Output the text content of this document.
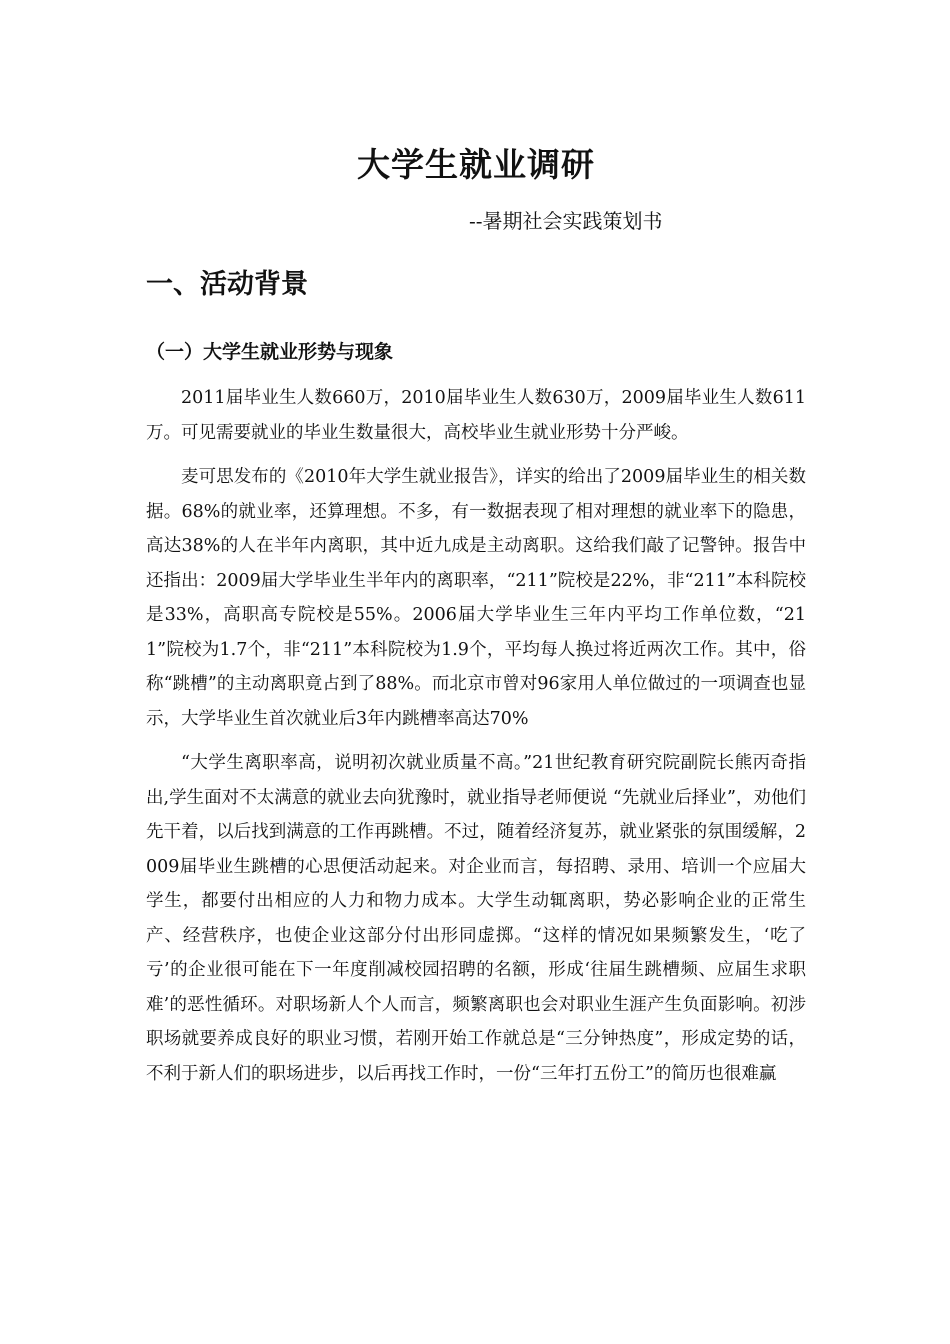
大学生就业调研
--暑期社会实践策划书
一、活动背景
（一）大学生就业形势与现象

2011届毕业生人数660万，2010届毕业生人数630万，2009届毕业生人数611万。可见需要就业的毕业生数量很大，高校毕业生就业形势十分严峻。

麦可思发布的《2010年大学生就业报告》，详实的给出了2009届毕业生的相关数据。68%的就业率，还算理想。不多，有一数据表现了相对理想的就业率下的隐患，高达38%的人在半年内离职，其中近九成是主动离职。这给我们敲了记警钟。报告中还指出：2009届大学毕业生半年内的离职率，“211”院校是22%，非“211”本科院校是33%，高职高专院校是55%。2006届大学毕业生三年内平均工作单位数，“211”院校为1.7个，非“211”本科院校为1.9个，平均每人换过将近两次工作。其中，俗称“跳槽”的主动离职竟占到了88%。而北京市曾对96家用人单位做过的一项调查也显示，大学毕业生首次就业后3年内跳槽率高达70%

“大学生离职率高，说明初次就业质量不高。”21世纪教育研究院副院长熊丙奇指出,学生面对不太满意的就业去向犹豫时，就业指导老师便说 “先就业后择业”，劝他们先干着，以后找到满意的工作再跳槽。不过，随着经济复苏，就业紧张的氛围缓解，2009届毕业生跳槽的心思便活动起来。对企业而言，每招聘、录用、培训一个应届大学生，都要付出相应的人力和物力成本。大学生动辄离职，势必影响企业的正常生产、经营秩序，也使企业这部分付出形同虚掷。“这样的情况如果频繁发生，‘吃了亏’的企业很可能在下一年度削减校园招聘的名额，形成‘往届生跳槽频、应届生求职难’的恶性循环。对职场新人个人而言，频繁离职也会对职业生涯产生负面影响。初涉职场就要养成良好的职业习惯，若刚开始工作就总是“三分钟热度”，形成定势的话，不利于新人们的职场进步，以后再找工作时，一份“三年打五份工”的简历也很难赢
